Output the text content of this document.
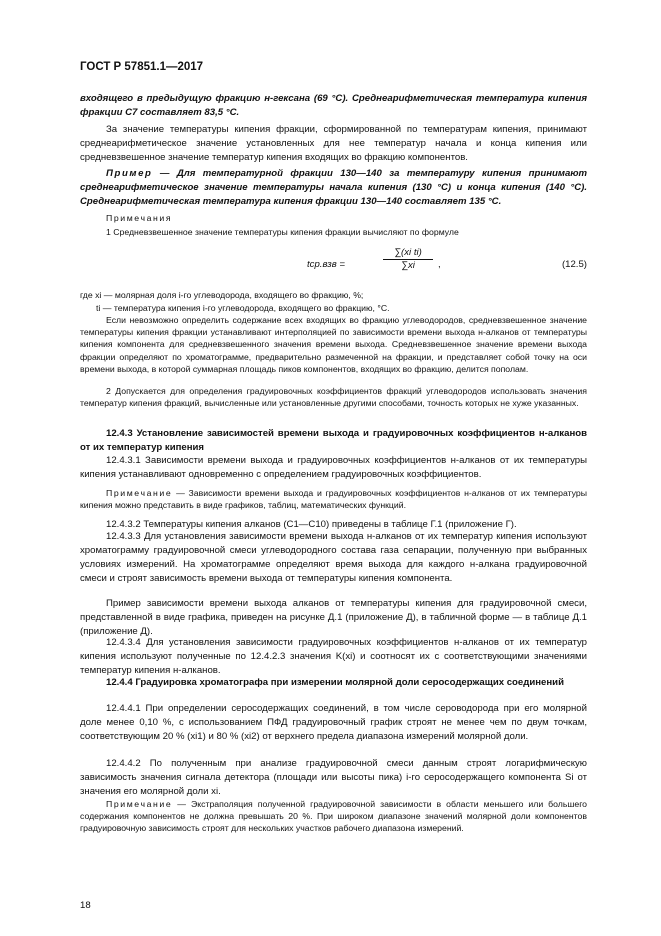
ГОСТ Р 57851.1—2017

входящего в предыдущую фракцию н-гексана (69 °С). Среднеарифметическая температура кипения фракции С7 составляет 83,5 °С.

За значение температуры кипения фракции, сформированной по температурам кипения, принимают среднеарифметическое значение установленных для нее температур начала и конца кипения или средневзвешенное значение температур кипения входящих во фракцию компонентов.

Пример — Для температурной фракции 130—140 за температуру кипения принимают среднеарифметическое значение температуры начала кипения (130 °С) и конца кипения (140 °С). Среднеарифметическая температура кипения фракции 130—140 составляет 135 °С.

Примечания

1 Средневзвешенное значение температуры кипения фракции вычисляют по формуле

tср.взв =	$\frac{\text{∑(xi ti)}}{\sum xi}$ ,	(12.5)
где xi — молярная доля i-го углеводорода, входящего во фракцию, %;
ti — температура кипения i-го углеводорода, входящего во фракцию, °С.

Если невозможно определить содержание всех входящих во фракцию углеводородов, средневзвешенное значение температуры кипения фракции устанавливают интерполяцией по зависимости времени выхода н-алканов от температуры кипения компонента для средневзвешенного значения времени выхода. Средневзвешенное значение времени выхода фракции определяют по хроматограмме, предварительно размеченной на фракции, и представляет собой точку на оси времени выхода, в которой суммарная площадь пиков компонентов, входящих во фракцию, делится пополам.

2 Допускается для определения градуировочных коэффициентов фракций углеводородов использовать значения температур кипения фракций, вычисленные или установленные другими способами, точность которых не хуже указанных.

12.4.3 Установление зависимостей времени выхода и градуировочных коэффициентов н-алканов от их температур кипения

12.4.3.1 Зависимости времени выхода и градуировочных коэффициентов н-алканов от их температуры кипения устанавливают одновременно с определением градуировочных коэффициентов.

Примечание — Зависимости времени выхода и градуировочных коэффициентов н-алканов от их температуры кипения можно представить в виде графиков, таблиц, математических функций.

12.4.3.2 Температуры кипения алканов (C1—C10) приведены в таблице Г.1 (приложение Г).

12.4.3.3 Для установления зависимости времени выхода н-алканов от их температур кипения используют хроматограмму градуировочной смеси углеводородного состава газа сепарации, полученную при выбранных условиях измерений. На хроматограмме определяют время выхода для каждого н-алкана градуировочной смеси и строят зависимость времени выхода от температуры кипения компонента.

Пример зависимости времени выхода алканов от температуры кипения для градуировочной смеси, представленной в виде графика, приведен на рисунке Д.1 (приложение Д), в табличной форме — в таблице Д.1 (приложение Д).

12.4.3.4 Для установления зависимости градуировочных коэффициентов н-алканов от их температур кипения используют полученные по 12.4.2.3 значения K(xi) и соотносят их с соответствующими значениями температур кипения н-алканов.

12.4.4 Градуировка хроматографа при измерении молярной доли серосодержащих соединений

12.4.4.1 При определении серосодержащих соединений, в том числе сероводорода при его молярной доле менее 0,10 %, с использованием ПФД градуировочный график строят не менее чем по двум точкам, соответствующим 20 % (xi1) и 80 % (xi2) от верхнего предела диапазона измерений молярной доли.

12.4.4.2 По полученным при анализе градуировочной смеси данным строят логарифмическую зависимость значения сигнала детектора (площади или высоты пика) i-го серосодержащего компонента Si от значения его молярной доли xi.

Примечание — Экстраполяция полученной градуировочной зависимости в области меньшего или большего содержания компонентов не должна превышать 20 %. При широком диапазоне значений молярной доли компонентов градуировочную зависимость строят для нескольких участков рабочего диапазона измерений.

18
